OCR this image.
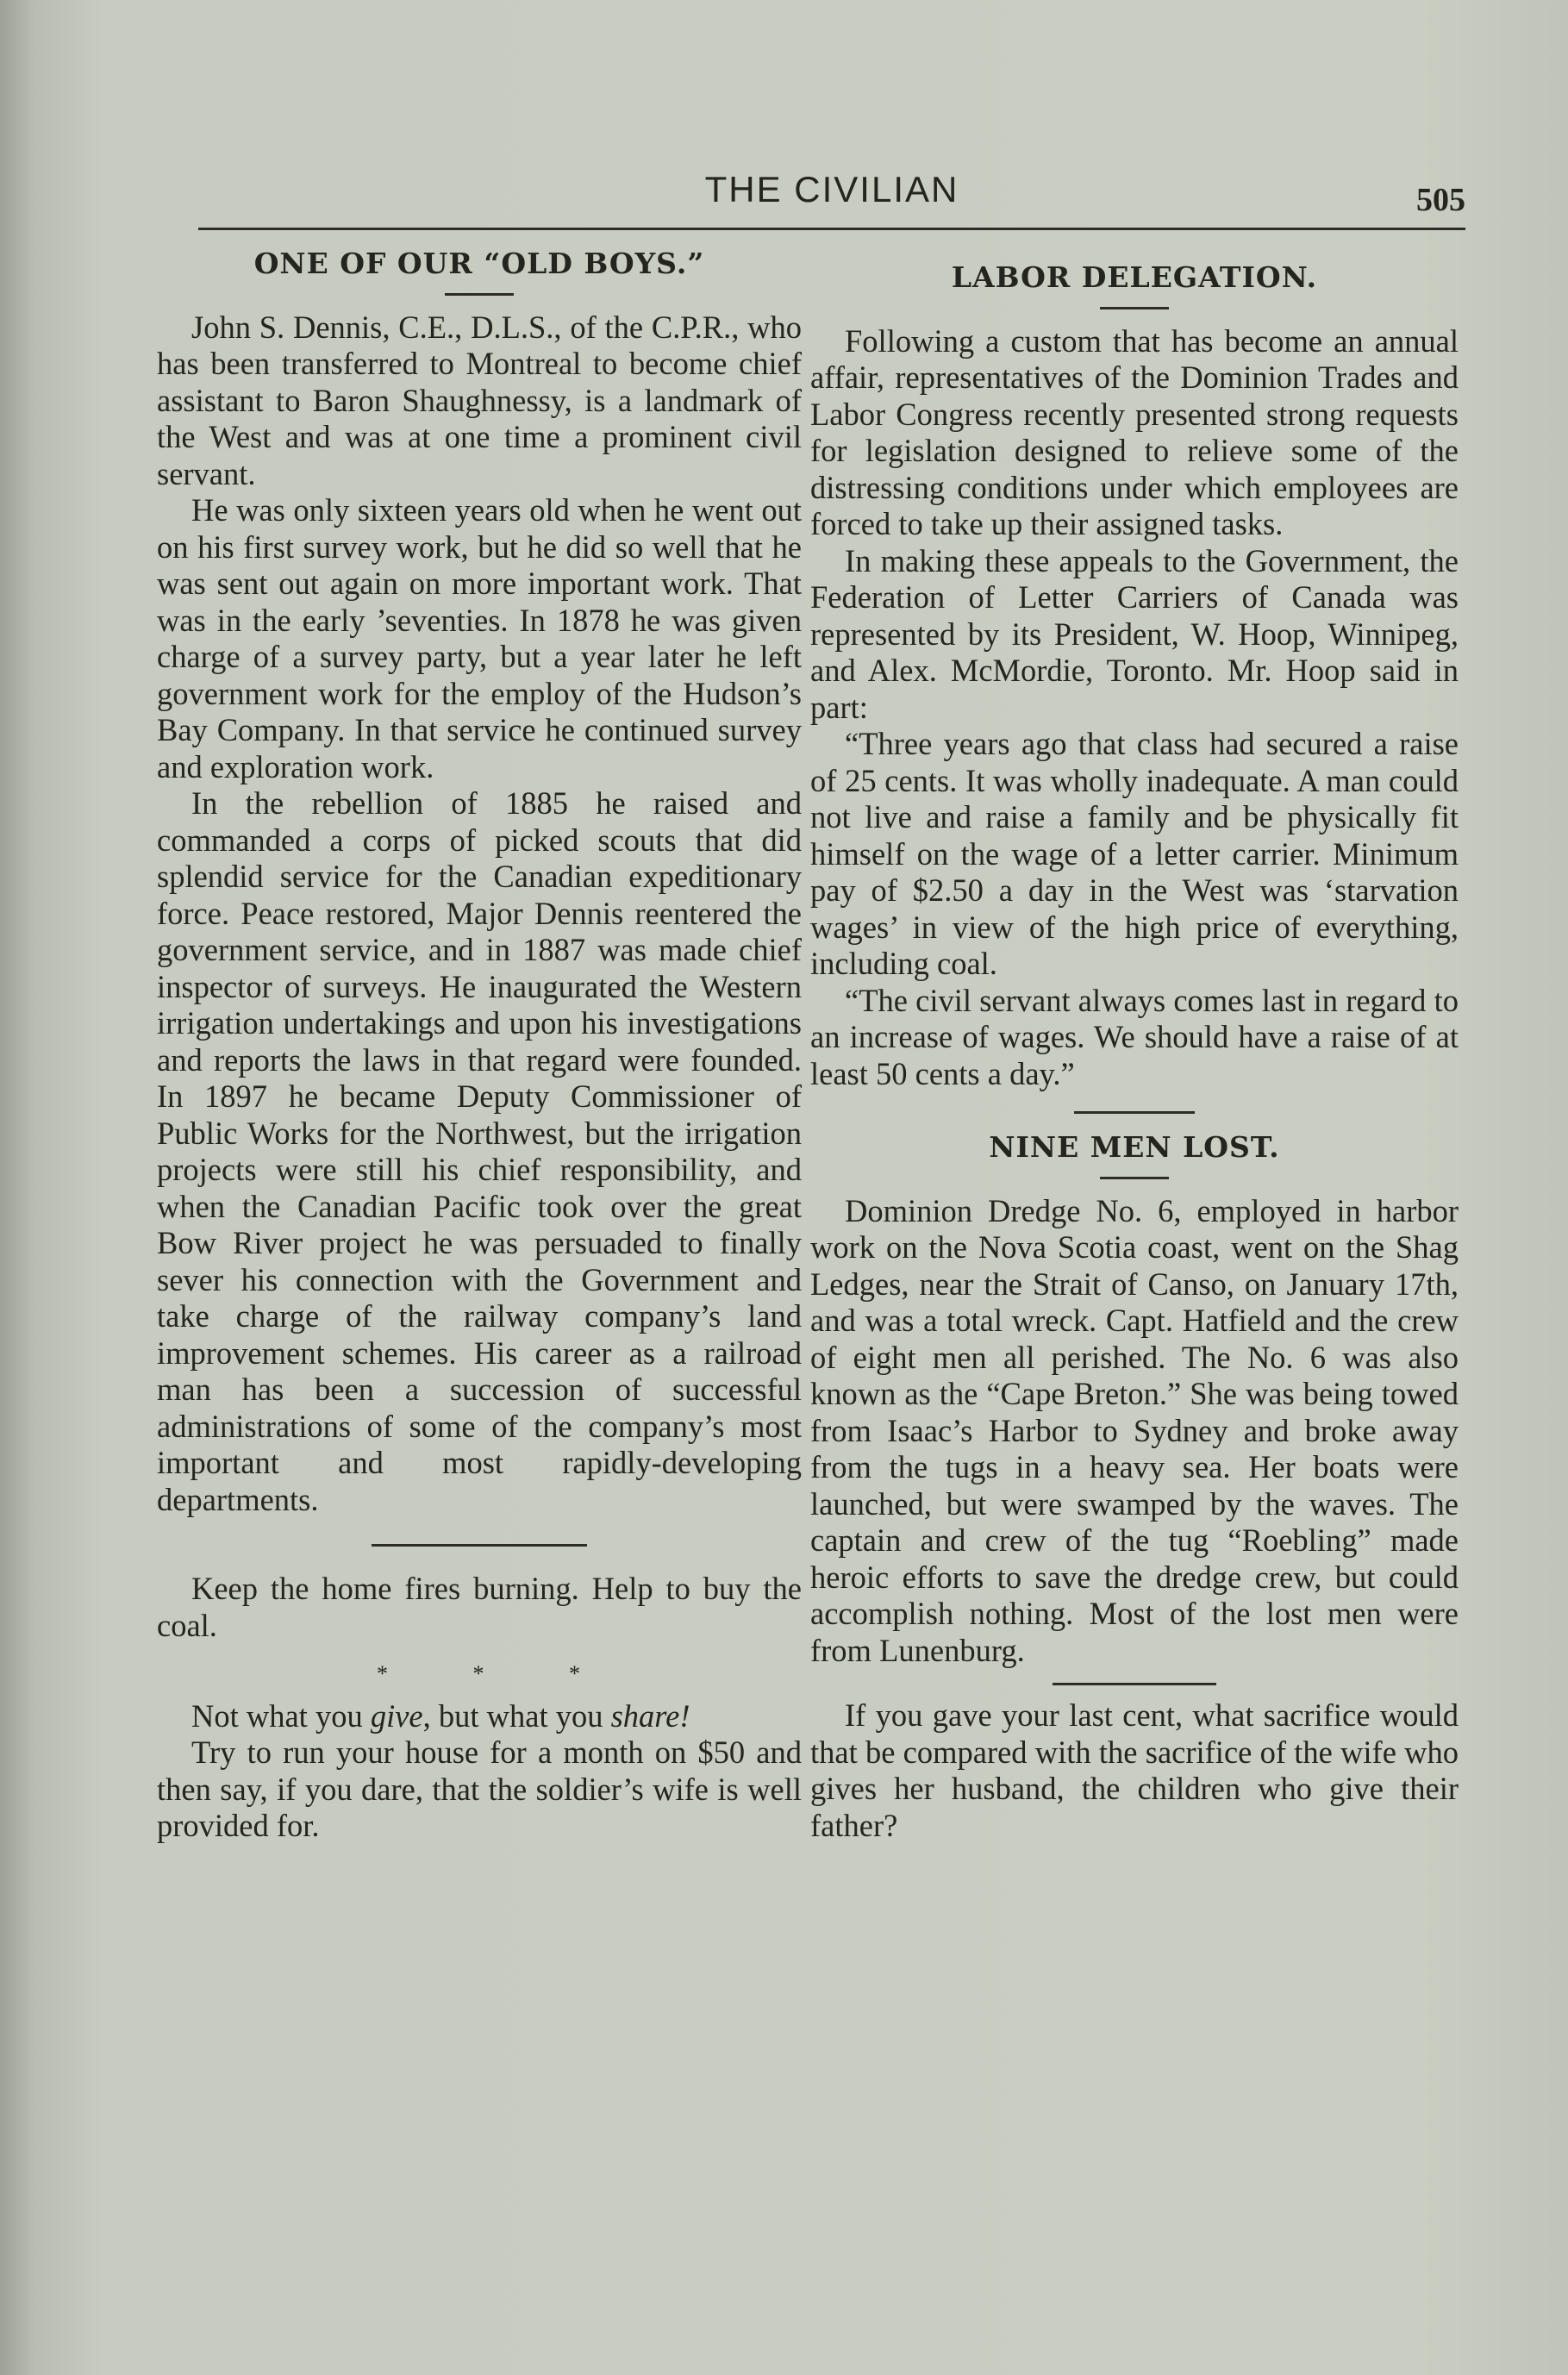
THE CIVILIAN	505
ONE OF OUR “OLD BOYS.”

John S. Dennis, C.E., D.L.S., of the C.P.R., who has been transferred to Montreal to become chief assistant to Baron Shaughnessy, is a landmark of the West and was at one time a prominent civil servant.

He was only sixteen years old when he went out on his first survey work, but he did so well that he was sent out again on more important work. That was in the early ’seventies. In 1878 he was given charge of a survey party, but a year later he left government work for the employ of the Hudson’s Bay Company. In that service he continued survey and exploration work.

In the rebellion of 1885 he raised and commanded a corps of picked scouts that did splendid service for the Canadian expeditionary force. Peace restored, Major Dennis reentered the government service, and in 1887 was made chief inspector of surveys. He inaugurated the Western irrigation undertakings and upon his investigations and reports the laws in that regard were founded. In 1897 he became Deputy Commissioner of Public Works for the Northwest, but the irrigation projects were still his chief responsibility, and when the Canadian Pacific took over the great Bow River project he was persuaded to finally sever his connection with the Government and take charge of the railway company’s land improvement schemes. His career as a railroad man has been a succession of successful administrations of some of the company’s most important and most rapidly-developing departments.

Keep the home fires burning. Help to buy the coal.

* * *

Not what you give, but what you share!

Try to run your house for a month on $50 and then say, if you dare, that the soldier’s wife is well provided for.

LABOR DELEGATION.

Following a custom that has become an annual affair, representatives of the Dominion Trades and Labor Congress recently presented strong requests for legislation designed to relieve some of the distressing conditions under which employees are forced to take up their assigned tasks.

In making these appeals to the Government, the Federation of Letter Carriers of Canada was represented by its President, W. Hoop, Winnipeg, and Alex. McMordie, Toronto. Mr. Hoop said in part:

“Three years ago that class had secured a raise of 25 cents. It was wholly inadequate. A man could not live and raise a family and be physically fit himself on the wage of a letter carrier. Minimum pay of $2.50 a day in the West was ‘starvation wages’ in view of the high price of everything, including coal.

“The civil servant always comes last in regard to an increase of wages. We should have a raise of at least 50 cents a day.”

NINE MEN LOST.

Dominion Dredge No. 6, employed in harbor work on the Nova Scotia coast, went on the Shag Ledges, near the Strait of Canso, on January 17th, and was a total wreck. Capt. Hatfield and the crew of eight men all perished. The No. 6 was also known as the “Cape Breton.” She was being towed from Isaac’s Harbor to Sydney and broke away from the tugs in a heavy sea. Her boats were launched, but were swamped by the waves. The captain and crew of the tug “Roebling” made heroic efforts to save the dredge crew, but could accomplish nothing. Most of the lost men were from Lunenburg.

If you gave your last cent, what sacrifice would that be compared with the sacrifice of the wife who gives her husband, the children who give their father?
